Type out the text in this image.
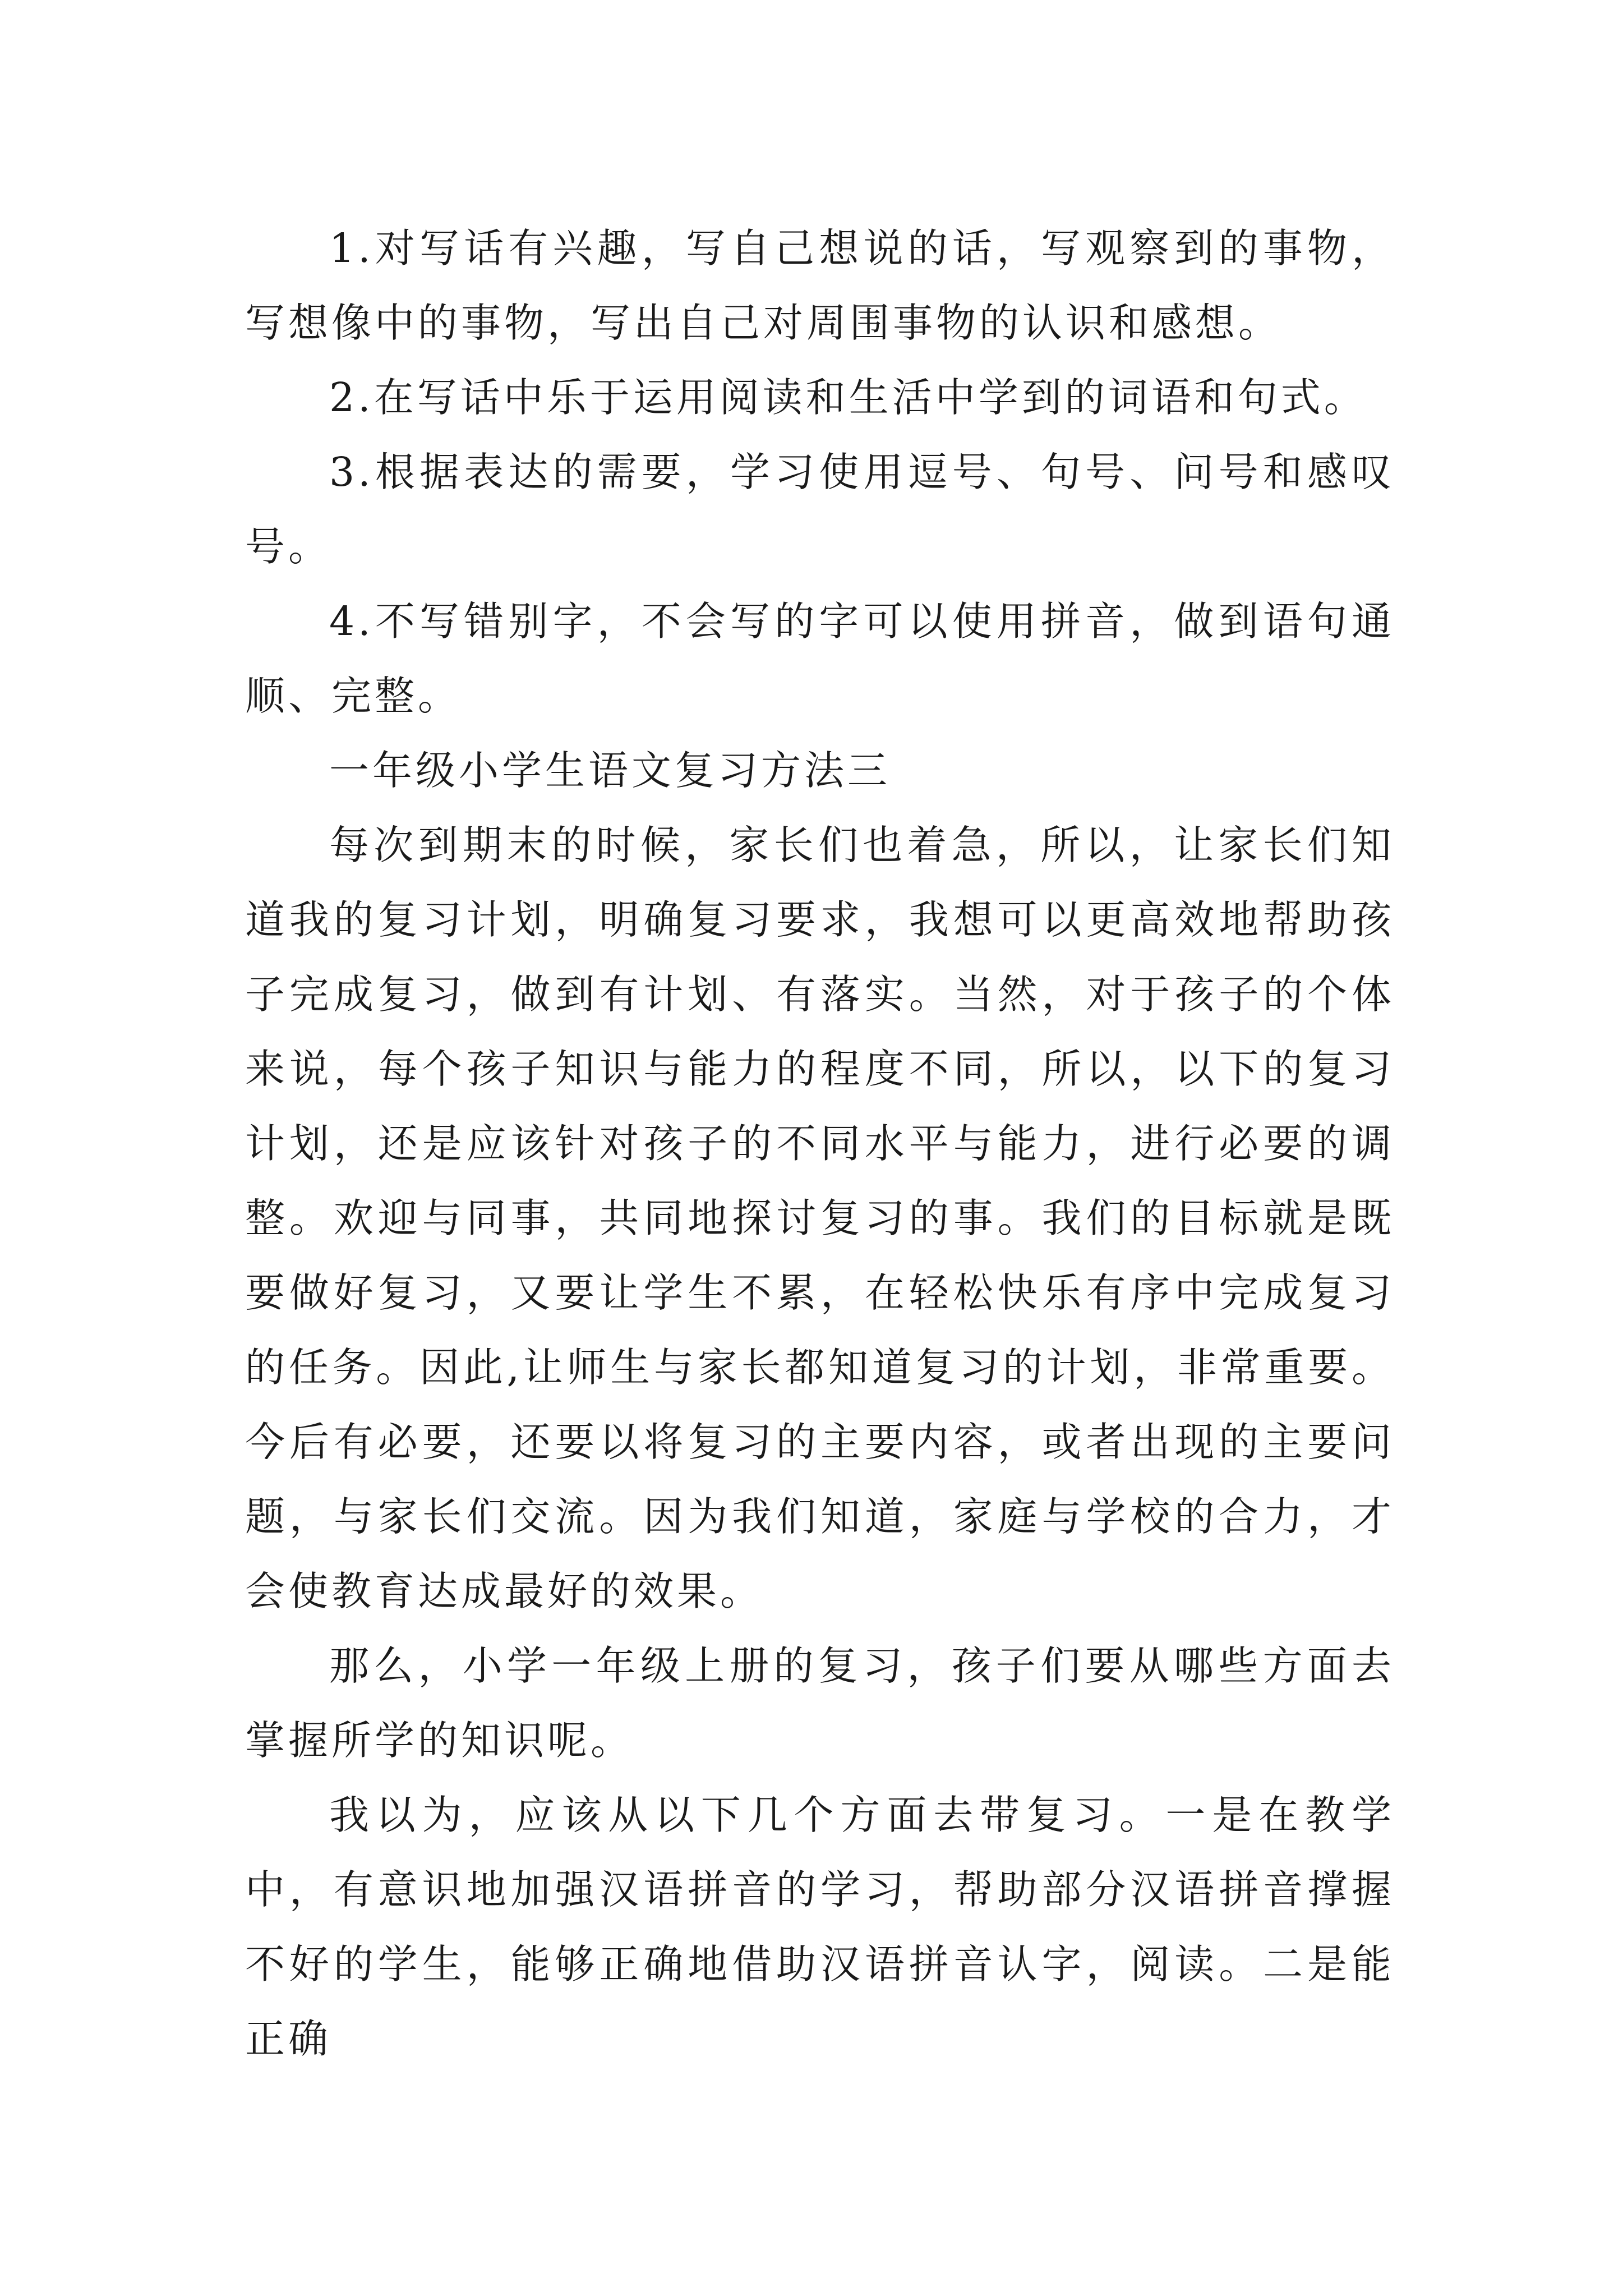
1.对写话有兴趣，写自己想说的话，写观察到的事物，写想像中的事物，写出自己对周围事物的认识和感想。

2.在写话中乐于运用阅读和生活中学到的词语和句式。

3.根据表达的需要，学习使用逗号、句号、问号和感叹号。

4.不写错别字，不会写的字可以使用拼音，做到语句通顺、完整。

一年级小学生语文复习方法三

每次到期末的时候，家长们也着急，所以，让家长们知道我的复习计划，明确复习要求，我想可以更高效地帮助孩子完成复习，做到有计划、有落实。当然，对于孩子的个体来说，每个孩子知识与能力的程度不同，所以，以下的复习计划，还是应该针对孩子的不同水平与能力，进行必要的调整。欢迎与同事，共同地探讨复习的事。我们的目标就是既要做好复习，又要让学生不累，在轻松快乐有序中完成复习的任务。因此,让师生与家长都知道复习的计划，非常重要。今后有必要，还要以将复习的主要内容，或者出现的主要问题，与家长们交流。因为我们知道，家庭与学校的合力，才会使教育达成最好的效果。

那么，小学一年级上册的复习，孩子们要从哪些方面去掌握所学的知识呢。

我以为，应该从以下几个方面去带复习。一是在教学中，有意识地加强汉语拼音的学习，帮助部分汉语拼音撑握不好的学生，能够正确地借助汉语拼音认字，阅读。二是能正确
